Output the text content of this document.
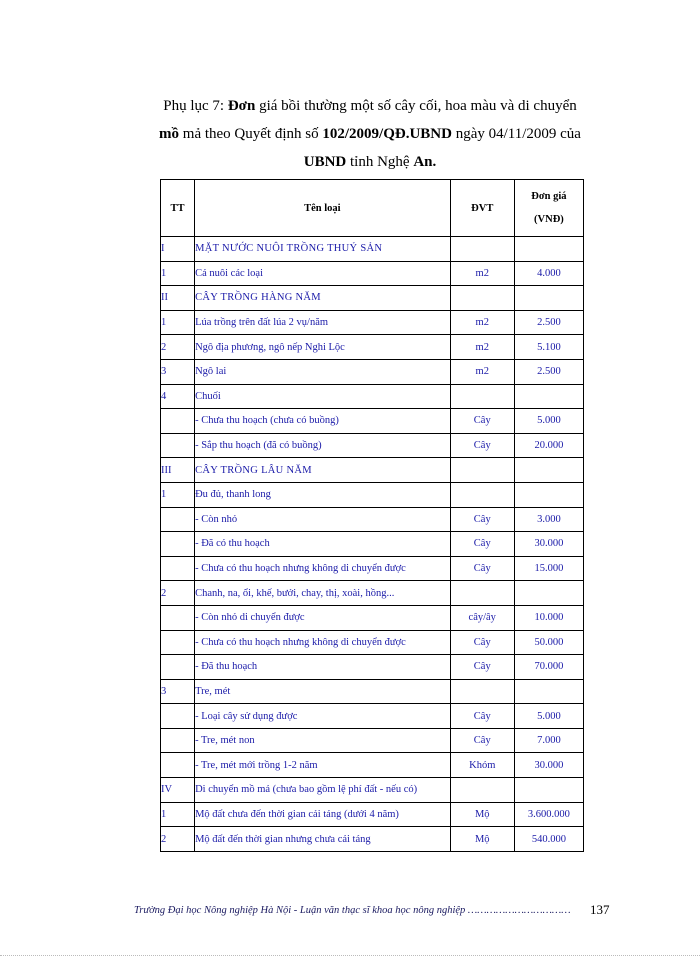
Phụ lục 7: Đơn giá bồi thường một số cây cối, hoa màu và di chuyển
mồ mả theo Quyết định số 102/2009/QĐ.UBND ngày 04/11/2009 của
UBND tỉnh Nghệ An.
TT	Tên loại	ĐVT	Đơn giá
(VNĐ)
I	MẶT NƯỚC NUÔI TRỒNG THUỶ SẢN		
1	Cá nuôi các loại	m2	4.000
II	CÂY TRỒNG HÀNG NĂM		
1	Lúa trồng trên đất lúa 2 vụ/năm	m2	2.500
2	Ngô địa phương, ngô nếp Nghi Lộc	m2	5.100
3	Ngô lai	m2	2.500
4	Chuối		
	- Chưa thu hoạch (chưa có buồng)	Cây	5.000
	- Sắp thu hoạch (đã có buồng)	Cây	20.000
III	CÂY TRỒNG LÂU NĂM		
1	Đu đủ, thanh long		
	- Còn nhỏ	Cây	3.000
	- Đã có thu hoạch	Cây	30.000
	- Chưa có thu hoạch nhưng không di chuyển được	Cây	15.000
2	Chanh, na, ổi, khế, bưởi, chay, thị, xoài, hồng...		
	- Còn nhỏ di chuyển được	cây/ây	10.000
	- Chưa có thu hoạch nhưng không di chuyển được	Cây	50.000
	- Đã thu hoạch	Cây	70.000
3	Tre, mét		
	- Loại cây sử dụng được	Cây	5.000
	- Tre, mét non	Cây	7.000
	- Tre, mét mới trồng 1-2 năm	Khóm	30.000
IV	Di chuyển mồ mả (chưa bao gồm lệ phí đất - nếu có)		
1	Mộ đất chưa đến thời gian cải táng (dưới 4 năm)	Mộ	3.600.000
2	Mộ đất đến thời gian nhưng chưa cải táng	Mộ	540.000
Trường Đại học Nông nghiệp Hà Nội - Luận văn thạc sĩ khoa học nông nghiệp …………………………… 137
